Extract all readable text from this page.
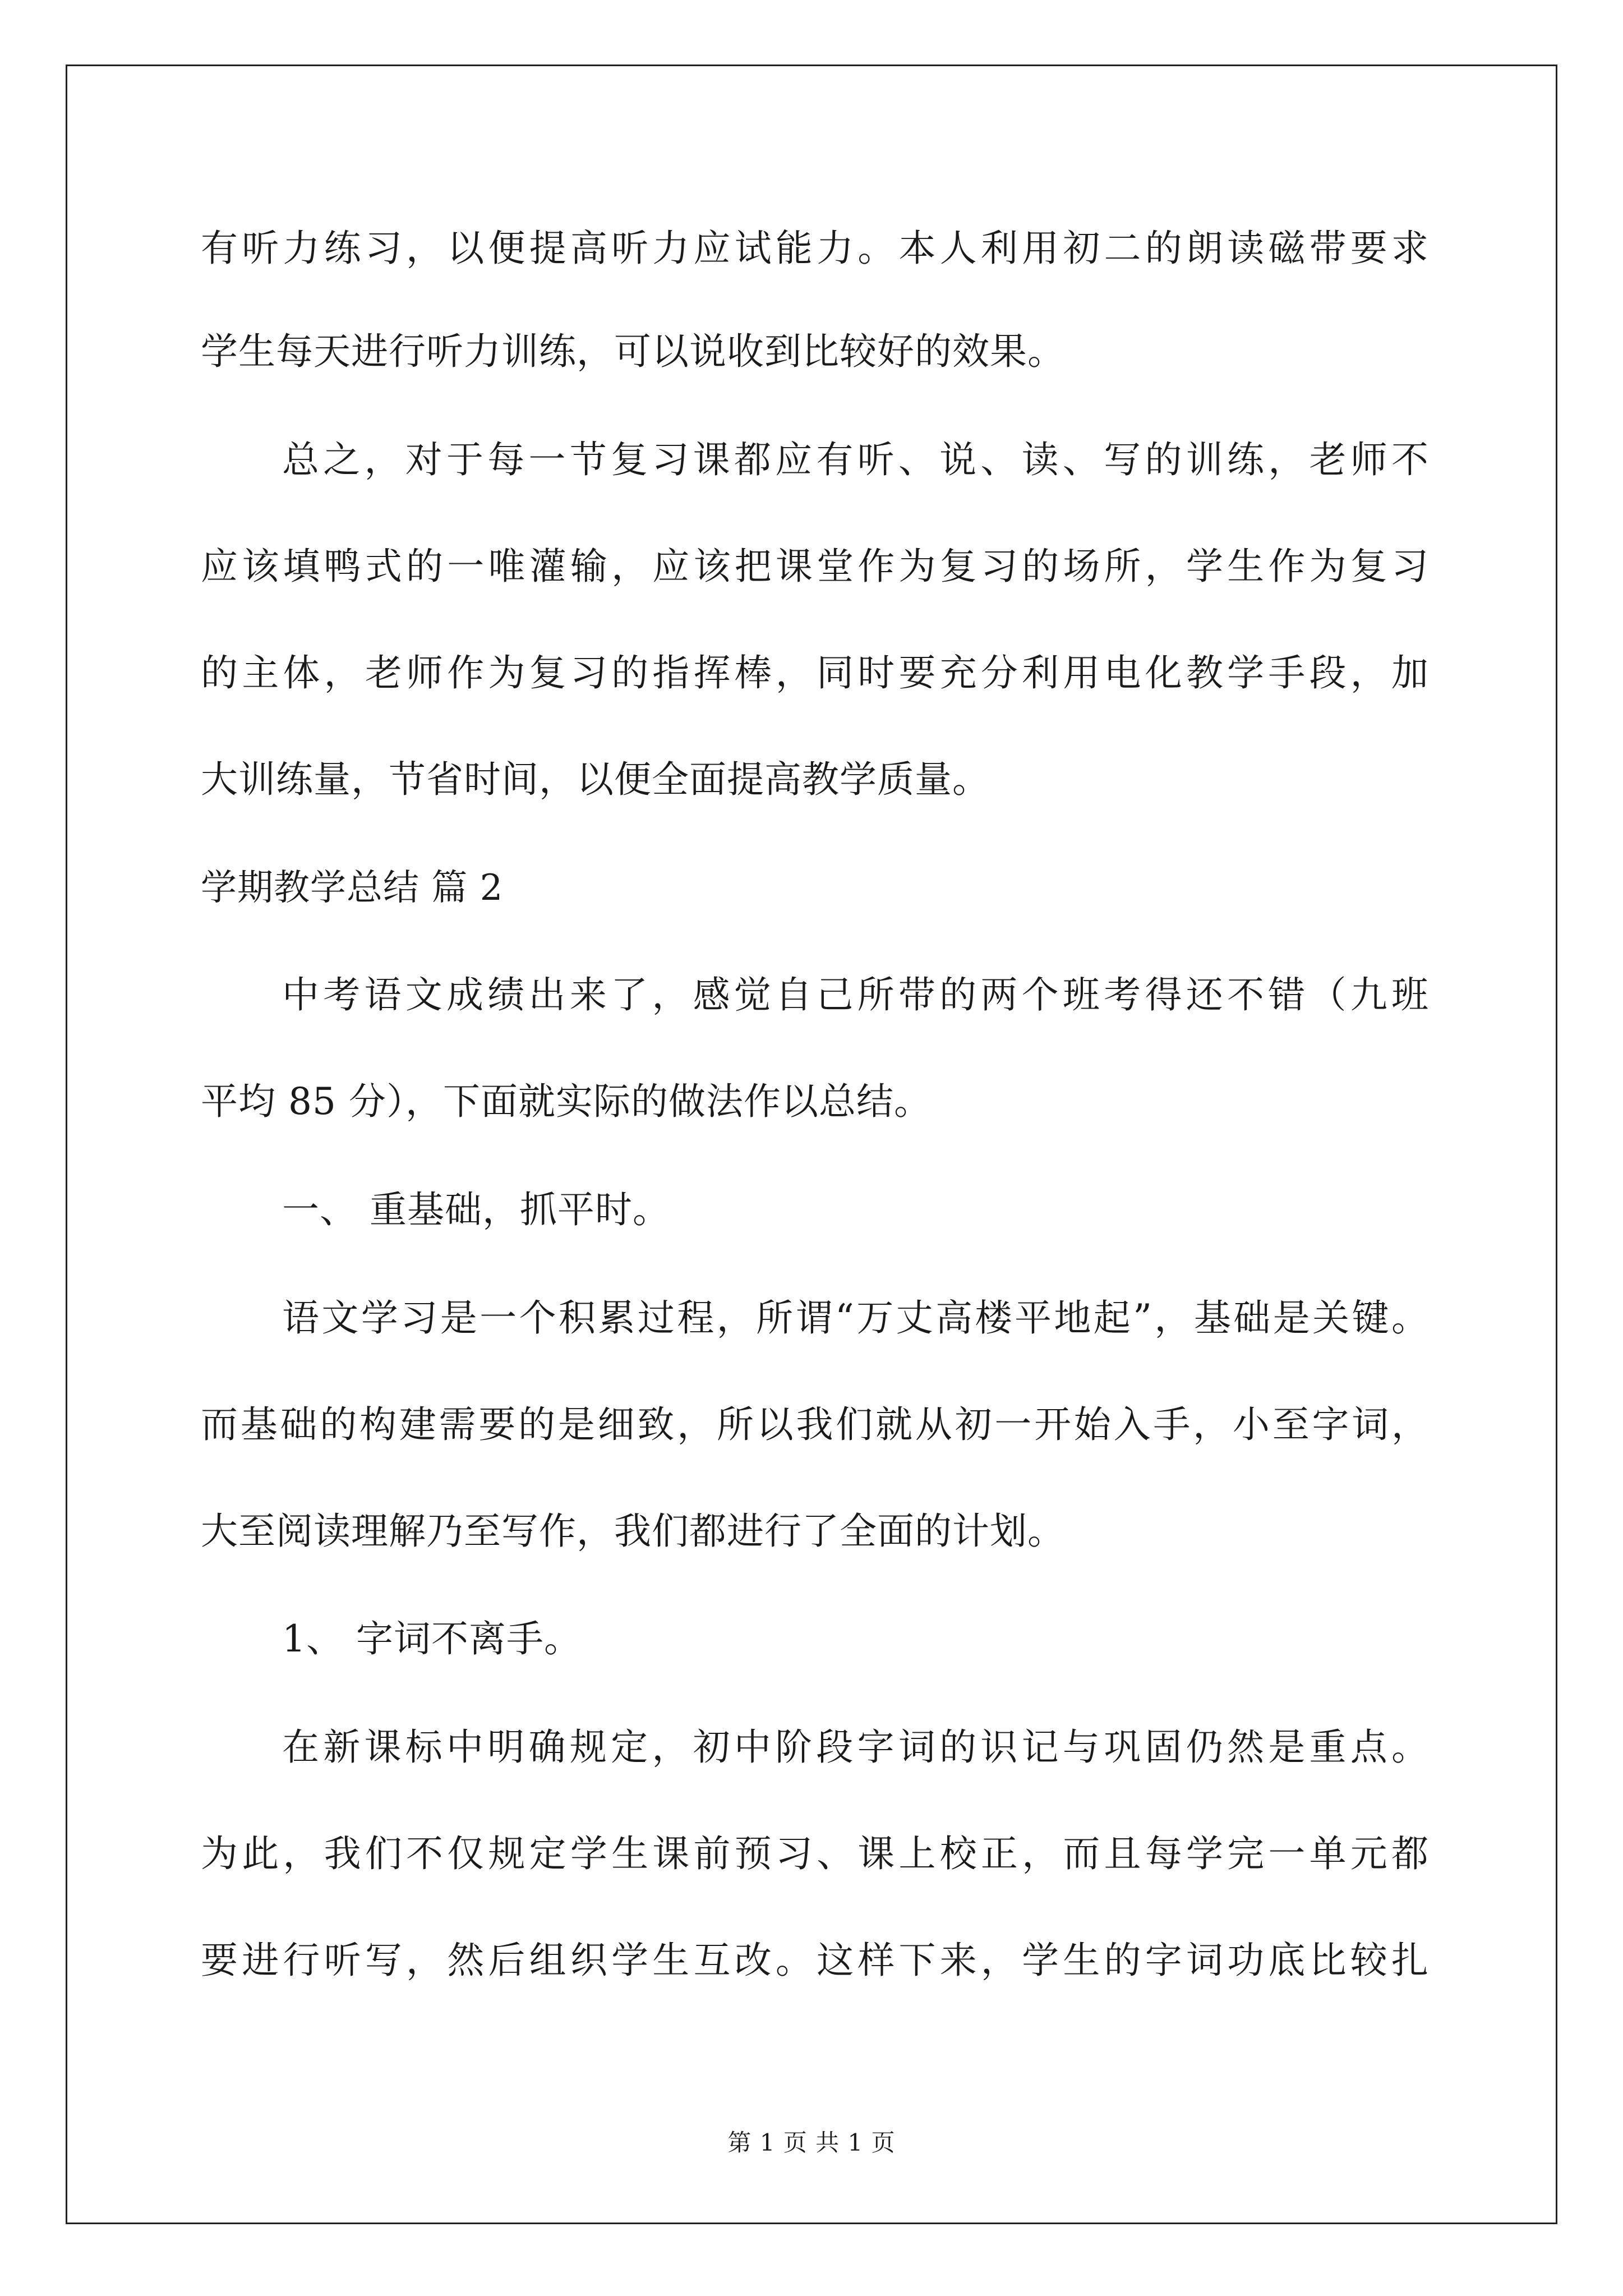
有听力练习，以便提高听力应试能力。本人利用初二的朗读磁带要求
学生每天进行听力训练，可以说收到比较好的效果。
总之，对于每一节复习课都应有听、说、读、写的训练，老师不
应该填鸭式的一唯灌输，应该把课堂作为复习的场所，学生作为复习
的主体，老师作为复习的指挥棒，同时要充分利用电化教学手段，加
大训练量，节省时间，以便全面提高教学质量。
学期教学总结 篇 2
中考语文成绩出来了，感觉自己所带的两个班考得还不错（九班
平均 85 分），下面就实际的做法作以总结。
一、 重基础，抓平时。
语文学习是一个积累过程，所谓“万丈高楼平地起”，基础是关键。
而基础的构建需要的是细致，所以我们就从初一开始入手，小至字词，
大至阅读理解乃至写作，我们都进行了全面的计划。
1、 字词不离手。
在新课标中明确规定，初中阶段字词的识记与巩固仍然是重点。
为此，我们不仅规定学生课前预习、课上校正，而且每学完一单元都
要进行听写，然后组织学生互改。这样下来，学生的字词功底比较扎
第 1 页 共 1 页
